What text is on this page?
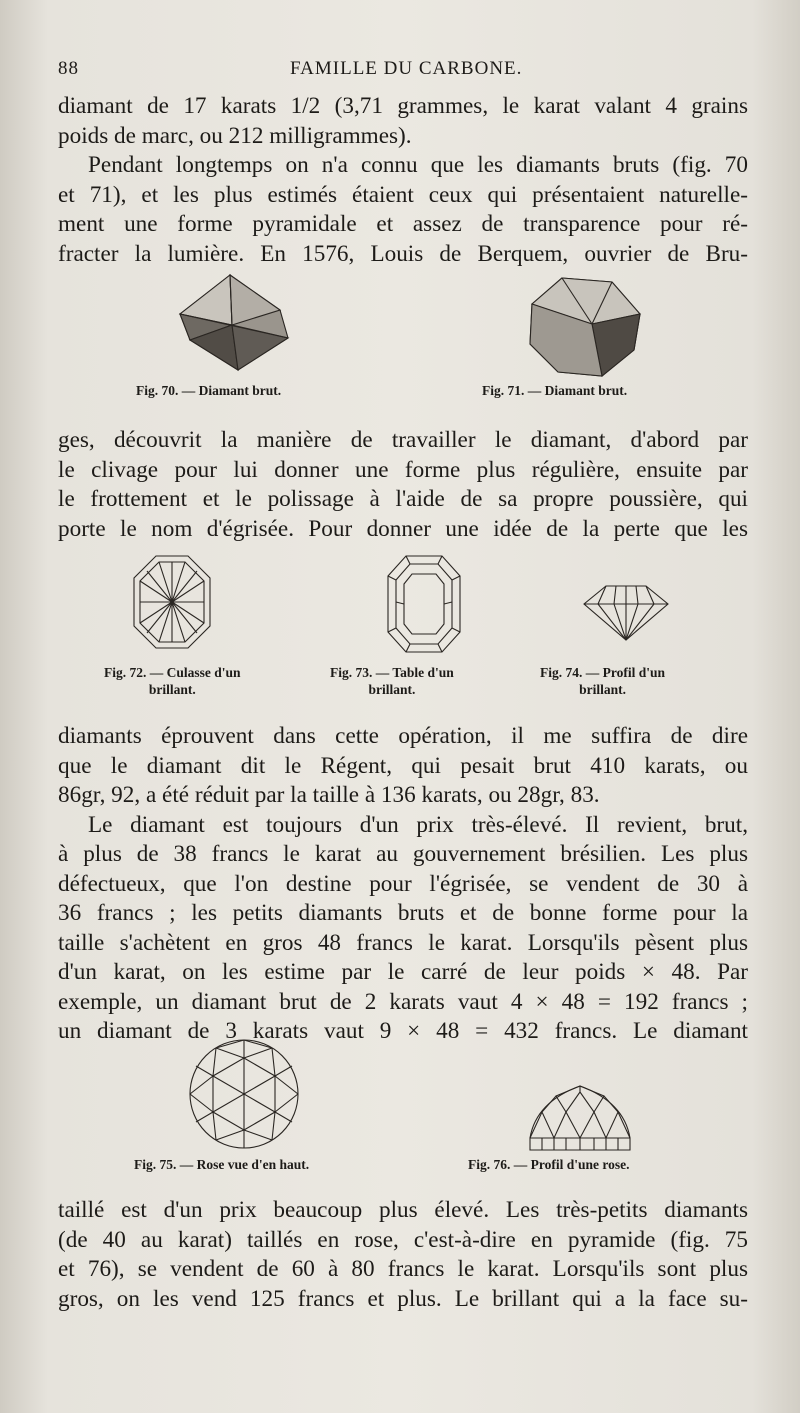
88	FAMILLE DU CARBONE.
diamant de 17 karats 1/2 (3,71 grammes, le karat valant 4 grains
poids de marc, ou 212 milligrammes).
Pendant longtemps on n'a connu que les diamants bruts (fig. 70
et 71), et les plus estimés étaient ceux qui présentaient naturelle-
ment une forme pyramidale et assez de transparence pour ré-
fracter la lumière. En 1576, Louis de Berquem, ouvrier de Bru-
Fig. 70. — Diamant brut.	Fig. 71. — Diamant brut.
ges, découvrit la manière de travailler le diamant, d'abord par
le clivage pour lui donner une forme plus régulière, ensuite par
le frottement et le polissage à l'aide de sa propre poussière, qui
porte le nom d'égrisée. Pour donner une idée de la perte que les
Fig. 72. — Culasse d'un
brillant.
Fig. 73. — Table d'un
brillant.
Fig. 74. — Profil d'un
brillant.
diamants éprouvent dans cette opération, il me suffira de dire
que le diamant dit le Régent, qui pesait brut 410 karats, ou
86gr, 92, a été réduit par la taille à 136 karats, ou 28gr, 83.
Le diamant est toujours d'un prix très-élevé. Il revient, brut,
à plus de 38 francs le karat au gouvernement brésilien. Les plus
défectueux, que l'on destine pour l'égrisée, se vendent de 30 à
36 francs ; les petits diamants bruts et de bonne forme pour la
taille s'achètent en gros 48 francs le karat. Lorsqu'ils pèsent plus
d'un karat, on les estime par le carré de leur poids × 48. Par
exemple, un diamant brut de 2 karats vaut 4 × 48 = 192 francs ;
un diamant de 3 karats vaut 9 × 48 = 432 francs. Le diamant
Fig. 75. — Rose vue d'en haut.	Fig. 76. — Profil d'une rose.
taillé est d'un prix beaucoup plus élevé. Les très-petits diamants
(de 40 au karat) taillés en rose, c'est-à-dire en pyramide (fig. 75
et 76), se vendent de 60 à 80 francs le karat. Lorsqu'ils sont plus
gros, on les vend 125 francs et plus. Le brillant qui a la face su-
